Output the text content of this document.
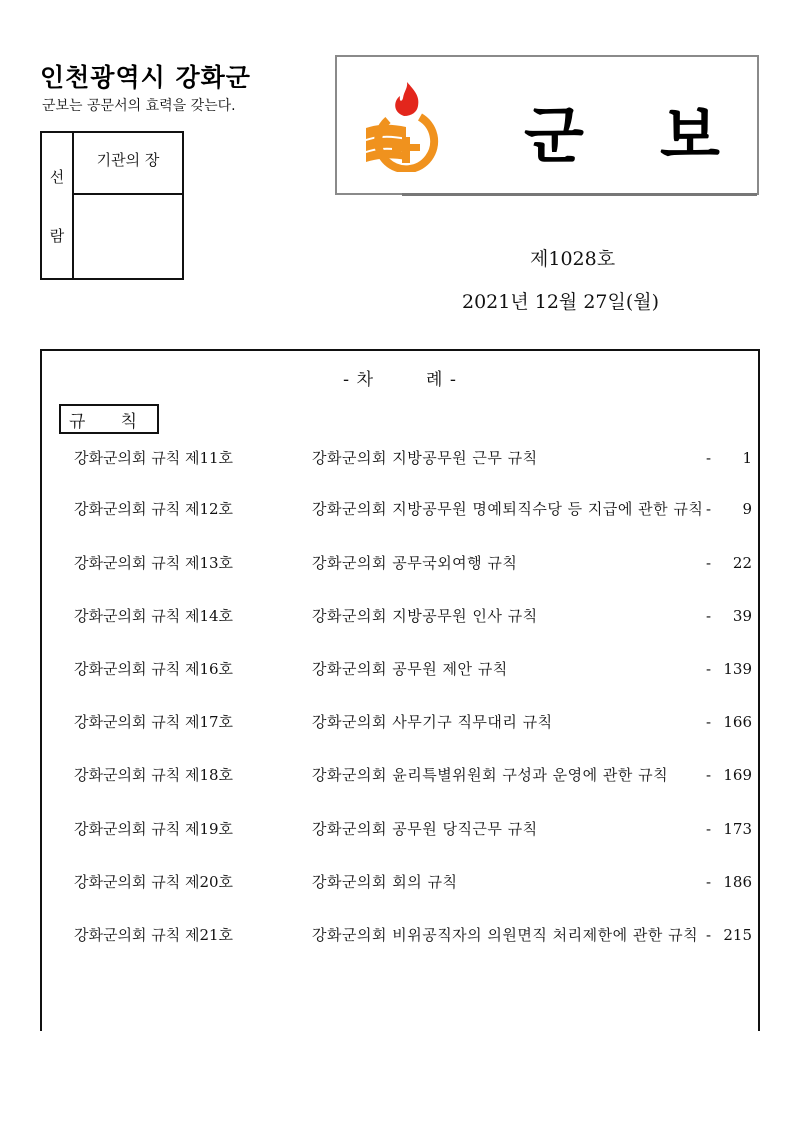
인천광역시 강화군
군보는 공문서의 효력을 갖는다.
선
람
기관의 장	군 보
제1028호
2021년 12월 27일(월)
- 차	례 -
규 칙
강화군의회 규칙 제11호	강화군의회 지방공무원 근무 규칙	- 1
강화군의회 규칙 제12호	강화군의회 지방공무원 명예퇴직수당 등 지급에 관한 규칙 - 9
강화군의회 규칙 제13호	강화군의회 공무국외여행 규칙	- 22
강화군의회 규칙 제14호	강화군의회 지방공무원 인사 규칙	- 39
강화군의회 규칙 제16호	강화군의회 공무원 제안 규칙	- 139
강화군의회 규칙 제17호	강화군의회 사무기구 직무대리 규칙	- 166
강화군의회 규칙 제18호	강화군의회 윤리특별위원회 구성과 운영에 관한 규칙	- 169
강화군의회 규칙 제19호	강화군의회 공무원 당직근무 규칙	- 173
강화군의회 규칙 제20호	강화군의회 회의 규칙	- 186
강화군의회 규칙 제21호	강화군의회 비위공직자의 의원면직 처리제한에 관한 규칙 - 215
